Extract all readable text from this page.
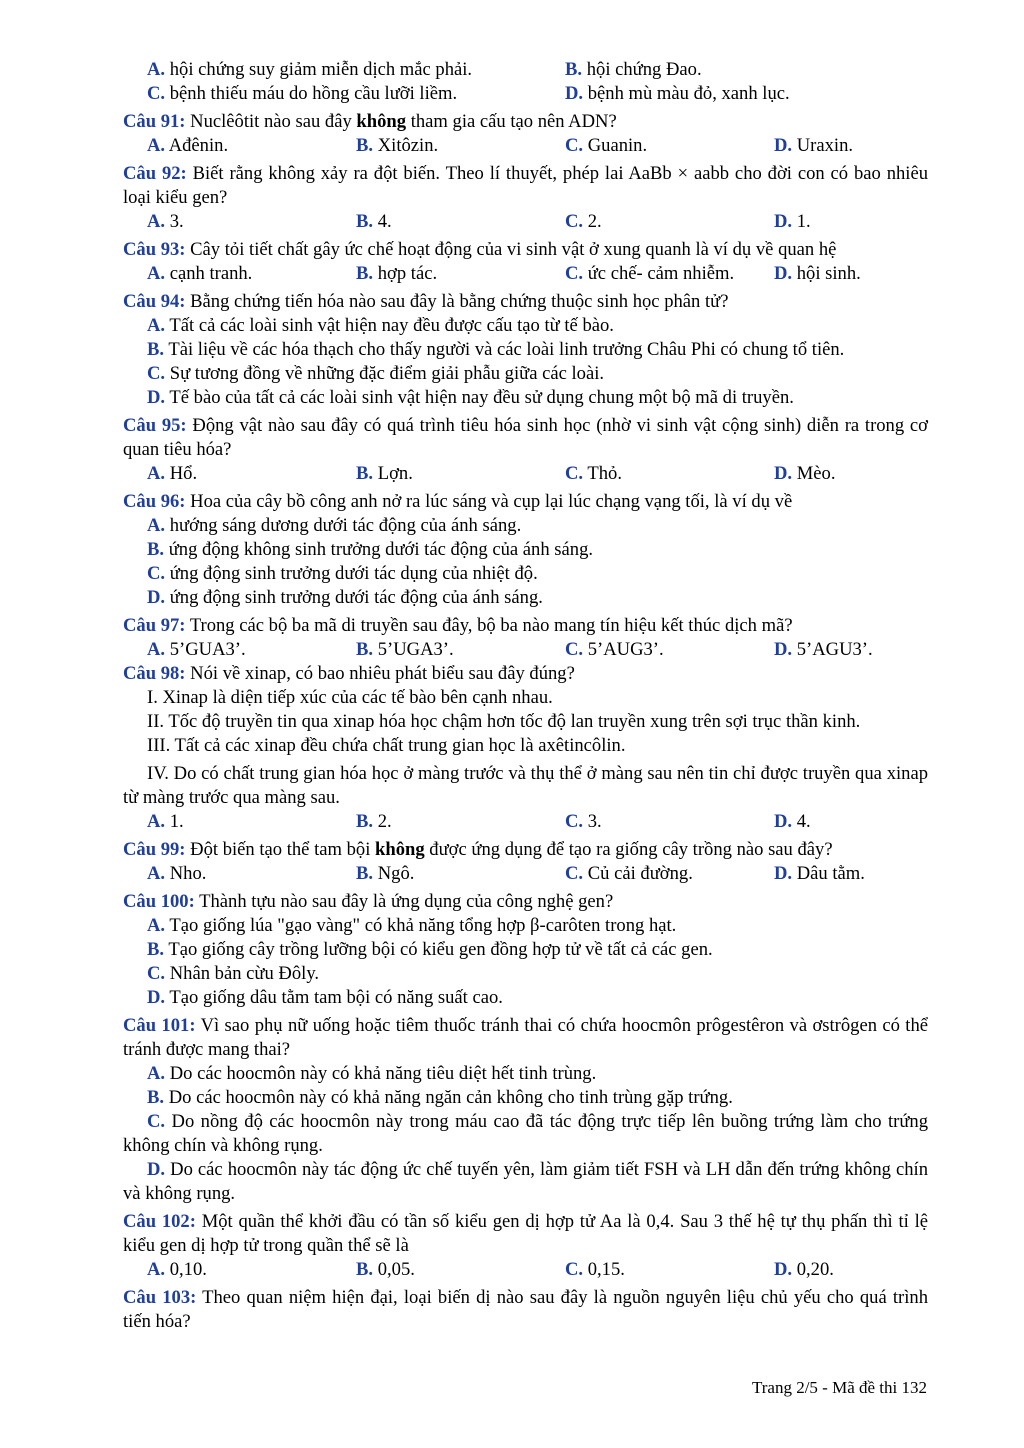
A. hội chứng suy giảm miễn dịch mắc phải.	B. hội chứng Đao.
C. bệnh thiếu máu do hồng cầu lưỡi liềm.	D. bệnh mù màu đỏ, xanh lục.
Câu 91: Nuclêôtit nào sau đây không tham gia cấu tạo nên ADN?
A. Ađênin.	B. Xitôzin.	C. Guanin.	D. Uraxin.
Câu 92: Biết rằng không xảy ra đột biến. Theo lí thuyết, phép lai AaBb × aabb cho đời con có bao nhiêu loại kiểu gen?
A. 3.	B. 4.	C. 2.	D. 1.
Câu 93: Cây tỏi tiết chất gây ức chế hoạt động của vi sinh vật ở xung quanh là ví dụ về quan hệ
A. cạnh tranh.	B. hợp tác.	C. ức chế- cảm nhiễm.	D. hội sinh.
Câu 94: Bằng chứng tiến hóa nào sau đây là bằng chứng thuộc sinh học phân tử?
A. Tất cả các loài sinh vật hiện nay đều được cấu tạo từ tế bào.
B. Tài liệu về các hóa thạch cho thấy người và các loài linh trưởng Châu Phi có chung tổ tiên.
C. Sự tương đồng về những đặc điểm giải phẫu giữa các loài.
D. Tế bào của tất cả các loài sinh vật hiện nay đều sử dụng chung một bộ mã di truyền.
Câu 95: Động vật nào sau đây có quá trình tiêu hóa sinh học (nhờ vi sinh vật cộng sinh) diễn ra trong cơ quan tiêu hóa?
A. Hổ.	B. Lợn.	C. Thỏ.	D. Mèo.
Câu 96: Hoa của cây bồ công anh nở ra lúc sáng và cụp lại lúc chạng vạng tối, là ví dụ về
A. hướng sáng dương dưới tác động của ánh sáng.
B. ứng động không sinh trưởng dưới tác động của ánh sáng.
C. ứng động sinh trưởng dưới tác dụng của nhiệt độ.
D. ứng động sinh trưởng dưới tác động của ánh sáng.
Câu 97: Trong các bộ ba mã di truyền sau đây, bộ ba nào mang tín hiệu kết thúc dịch mã?
A. 5’GUA3’.	B. 5’UGA3’.	C. 5’AUG3’.	D. 5’AGU3’.
Câu 98: Nói về xinap, có bao nhiêu phát biểu sau đây đúng?
I. Xinap là diện tiếp xúc của các tế bào bên cạnh nhau.
II. Tốc độ truyền tin qua xinap hóa học chậm hơn tốc độ lan truyền xung trên sợi trục thần kinh.
III. Tất cả các xinap đều chứa chất trung gian học là axêtincôlin.
IV. Do có chất trung gian hóa học ở màng trước và thụ thể ở màng sau nên tin chỉ được truyền qua xinap từ màng trước qua màng sau.
A. 1.	B. 2.	C. 3.	D. 4.
Câu 99: Đột biến tạo thể tam bội không được ứng dụng để tạo ra giống cây trồng nào sau đây?
A. Nho.	B. Ngô.	C. Củ cải đường.	D. Dâu tằm.
Câu 100: Thành tựu nào sau đây là ứng dụng của công nghệ gen?
A. Tạo giống lúa "gạo vàng" có khả năng tổng hợp β-carôten trong hạt.
B. Tạo giống cây trồng lưỡng bội có kiểu gen đồng hợp tử về tất cả các gen.
C. Nhân bản cừu Đôly.
D. Tạo giống dâu tằm tam bội có năng suất cao.
Câu 101: Vì sao phụ nữ uống hoặc tiêm thuốc tránh thai có chứa hoocmôn prôgestêron và ơstrôgen có thể tránh được mang thai?
A. Do các hoocmôn này có khả năng tiêu diệt hết tinh trùng.
B. Do các hoocmôn này có khả năng ngăn cản không cho tinh trùng gặp trứng.
C. Do nồng độ các hoocmôn này trong máu cao đã tác động trực tiếp lên buồng trứng làm cho trứng không chín và không rụng.
D. Do các hoocmôn này tác động ức chế tuyến yên, làm giảm tiết FSH và LH dẫn đến trứng không chín và không rụng.
Câu 102: Một quần thể khởi đầu có tần số kiểu gen dị hợp tử Aa là 0,4. Sau 3 thế hệ tự thụ phấn thì tỉ lệ kiểu gen dị hợp tử trong quần thể sẽ là
A. 0,10.	B. 0,05.	C. 0,15.	D. 0,20.
Câu 103: Theo quan niệm hiện đại, loại biến dị nào sau đây là nguồn nguyên liệu chủ yếu cho quá trình tiến hóa?
Trang 2/5 - Mã đề thi 132
